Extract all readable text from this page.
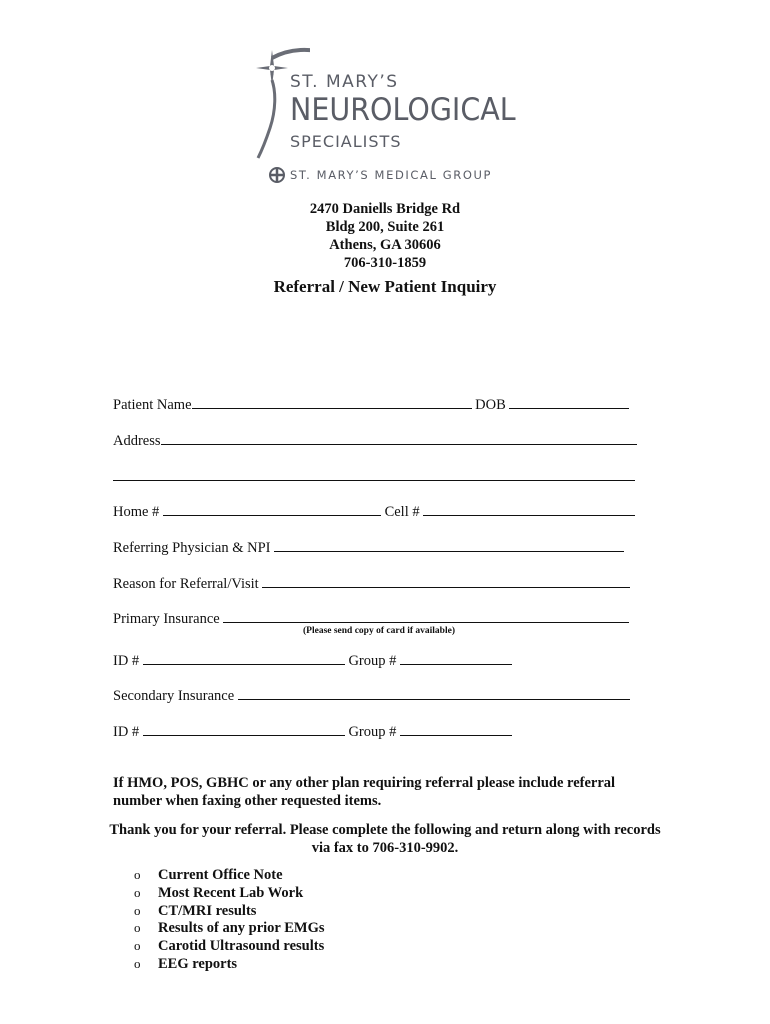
ST. MARY’S
NEUROLOGICAL
SPECIALISTS
ST. MARY’S MEDICAL GROUP
2470 Daniells Bridge Rd
Bldg 200, Suite 261
Athens, GA 30606
706-310-1859
Referral / New Patient Inquiry
Patient Name	DOB
Address
Home #	Cell #
Referring Physician & NPI
Reason for Referral/Visit
Primary Insurance
(Please send copy of card if available)
ID #	Group #
Secondary Insurance
ID #	Group #
If HMO, POS, GBHC or any other plan requiring referral please include referral number when faxing other requested items.
Thank you for your referral. Please complete the following and return along with records via fax to 706-310-9902.
o Current Office Note
o Most Recent Lab Work
o CT/MRI results
o Results of any prior EMGs
o Carotid Ultrasound results
o EEG reports
